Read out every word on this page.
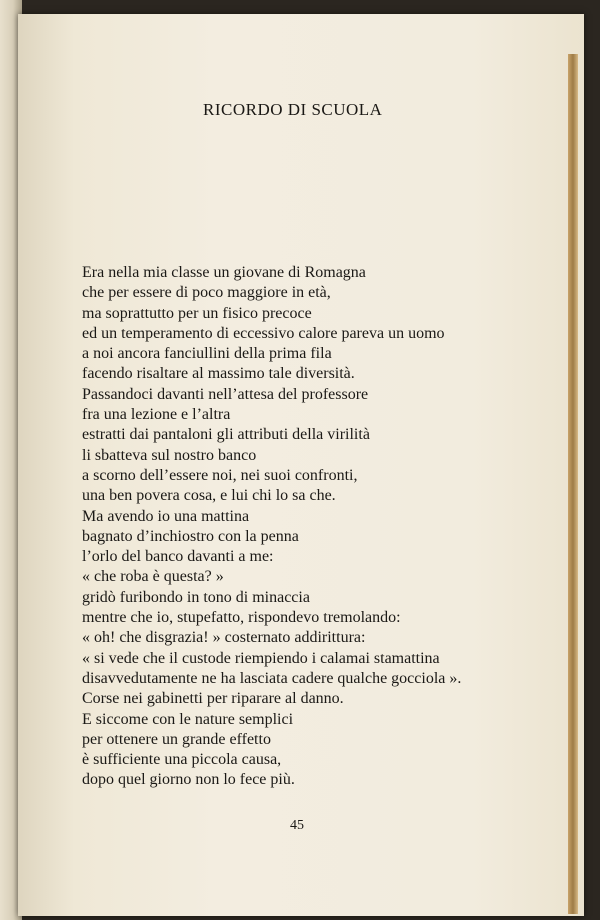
RICORDO DI SCUOLA
Era nella mia classe un giovane di Romagna
che per essere di poco maggiore in età,
ma soprattutto per un fisico precoce
ed un temperamento di eccessivo calore pareva un uomo
a noi ancora fanciullini della prima fila
facendo risaltare al massimo tale diversità.
Passandoci davanti nell’attesa del professore
fra una lezione e l’altra
estratti dai pantaloni gli attributi della virilità
li sbatteva sul nostro banco
a scorno dell’essere noi, nei suoi confronti,
una ben povera cosa, e lui chi lo sa che.
Ma avendo io una mattina
bagnato d’inchiostro con la penna
l’orlo del banco davanti a me:
« che roba è questa? »
gridò furibondo in tono di minaccia
mentre che io, stupefatto, rispondevo tremolando:
« oh! che disgrazia! » costernato addirittura:
« si vede che il custode riempiendo i calamai stamattina
disavvedutamente ne ha lasciata cadere qualche gocciola ».
Corse nei gabinetti per riparare al danno.
E siccome con le nature semplici
per ottenere un grande effetto
è sufficiente una piccola causa,
dopo quel giorno non lo fece più.
45
